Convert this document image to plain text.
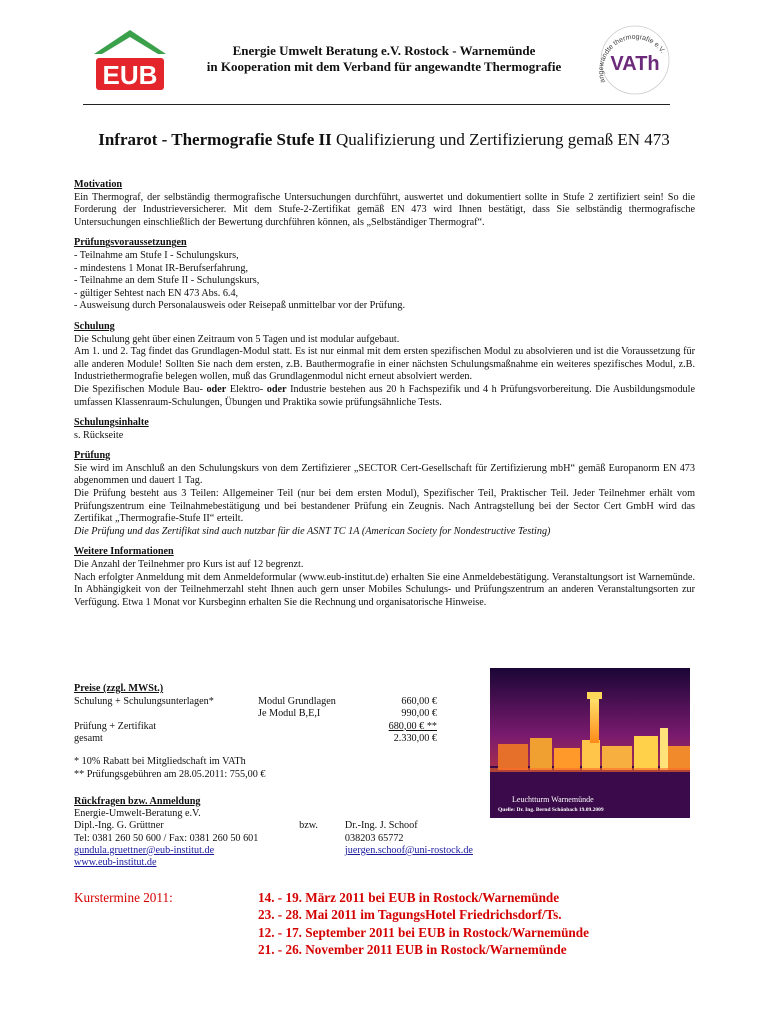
EUB	angewandte thermografie e.V.
VATh
Energie Umwelt Beratung e.V. Rostock - Warnemünde
in Kooperation mit dem Verband für angewandte Thermografie
Infrarot - Thermografie Stufe II Qualifizierung und Zertifizierung gemaß EN 473
Motivation

Ein Thermograf, der selbständig thermografische Untersuchungen durchführt, auswertet und dokumentiert sollte in Stufe 2 zertifiziert sein! So die Forderung der Industrieversicherer. Mit dem Stufe-2-Zertifikat gemäß EN 473 wird Ihnen bestätigt, dass Sie selbständig thermografische Untersuchungen einschließlich der Bewertung durchführen können, als „Selbständiger Thermograf“.

Prüfungsvoraussetzungen
- Teilnahme am Stufe I - Schulungskurs,
- mindestens 1 Monat IR-Berufserfahrung,
- Teilnahme an dem Stufe II - Schulungskurs,
- gültiger Sehtest nach EN 473 Abs. 6.4,
- Ausweisung durch Personalausweis oder Reisepaß unmittelbar vor der Prüfung.
Schulung

Die Schulung geht über einen Zeitraum von 5 Tagen und ist modular aufgebaut.

Am 1. und 2. Tag findet das Grundlagen-Modul statt. Es ist nur einmal mit dem ersten spezifischen Modul zu absolvieren und ist die Voraussetzung für alle anderen Module! Sollten Sie nach dem ersten, z.B. Bauthermografie in einer nächsten Schulungsmaßnahme ein weiteres spezifisches Modul, z.B. Industriethermografie belegen wollen, muß das Grundlagenmodul nicht erneut absolviert werden.

Die Spezifischen Module Bau- oder Elektro- oder Industrie bestehen aus 20 h Fachspezifik und 4 h Prüfungsvorbereitung. Die Ausbildungsmodule umfassen Klassenraum-Schulungen, Übungen und Praktika sowie prüfungsähnliche Tests.

Schulungsinhalte

s. Rückseite

Prüfung

Sie wird im Anschluß an den Schulungskurs von dem Zertifizierer „SECTOR Cert-Gesellschaft für Zertifizierung mbH“ gemäß Europanorm EN 473 abgenommen und dauert 1 Tag.

Die Prüfung besteht aus 3 Teilen: Allgemeiner Teil (nur bei dem ersten Modul), Spezifischer Teil, Praktischer Teil. Jeder Teilnehmer erhält vom Prüfungszentrum eine Teilnahmebestätigung und bei bestandener Prüfung ein Zeugnis. Nach Antragstellung bei der Sector Cert GmbH wird das Zertifikat „Thermografie-Stufe II“ erteilt.

Die Prüfung und das Zertifikat sind auch nutzbar für die ASNT TC 1A (American Society for Nondestructive Testing)

Weitere Informationen

Die Anzahl der Teilnehmer pro Kurs ist auf 12 begrenzt.

Nach erfolgter Anmeldung mit dem Anmeldeformular (www.eub-institut.de) erhalten Sie eine Anmeldebestätigung. Veranstaltungsort ist Warnemünde. In Abhängigkeit von der Teilnehmerzahl steht Ihnen auch gern unser Mobiles Schulungs- und Prüfungszentrum an anderen Veranstaltungsorten zur Verfügung. Etwa 1 Monat vor Kursbeginn erhalten Sie die Rechnung und organisatorische Hinweise.

Preise (zzgl. MWSt.)
Schulung + Schulungsunterlagen*	Modul Grundlagen	660,00 €
Je Modul B,E,I	990,00 €
Prüfung + Zertifikat	680,00 € **
gesamt	2.330,00 €
* 10% Rabatt bei Mitgliedschaft im VATh
** Prüfungsgebühren am 28.05.2011: 755,00 €
Leuchtturm Warnemünde
Quelle: Dr. Ing. Bernd Schönbach 19.09.2009
Rückfragen bzw. Anmeldung
Energie-Umwelt-Beratung e.V.
Dipl.-Ing. G. Grüttner	bzw.	Dr.-Ing. J. Schoof
Tel: 0381 260 50 600 / Fax: 0381 260 50 601	038203 65772
gundula.gruettner@eub-institut.de	juergen.schoof@uni-rostock.de
www.eub-institut.de
Kurstermine 2011:	14. - 19. März 2011 bei EUB in Rostock/Warnemünde
23. - 28. Mai 2011 im TagungsHotel Friedrichsdorf/Ts.
12. - 17. September 2011 bei EUB in Rostock/Warnemünde
21. - 26. November 2011 EUB in Rostock/Warnemünde
